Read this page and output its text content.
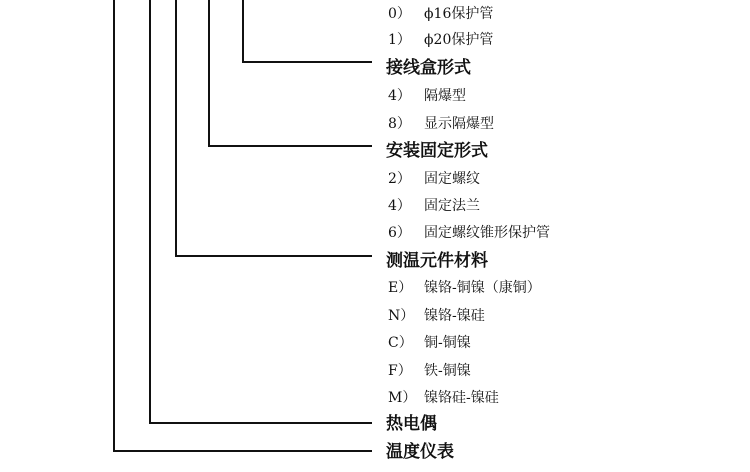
0） ϕ16保护管
1） ϕ20保护管
接线盒形式
4） 隔爆型
8） 显示隔爆型
安装固定形式
2） 固定螺纹
4） 固定法兰
6） 固定螺纹锥形保护管
测温元件材料
E） 镍铬-铜镍（康铜）
N） 镍铬-镍硅
C） 铜-铜镍
F） 铁-铜镍
M） 镍铬硅-镍硅
热电偶
温度仪表
